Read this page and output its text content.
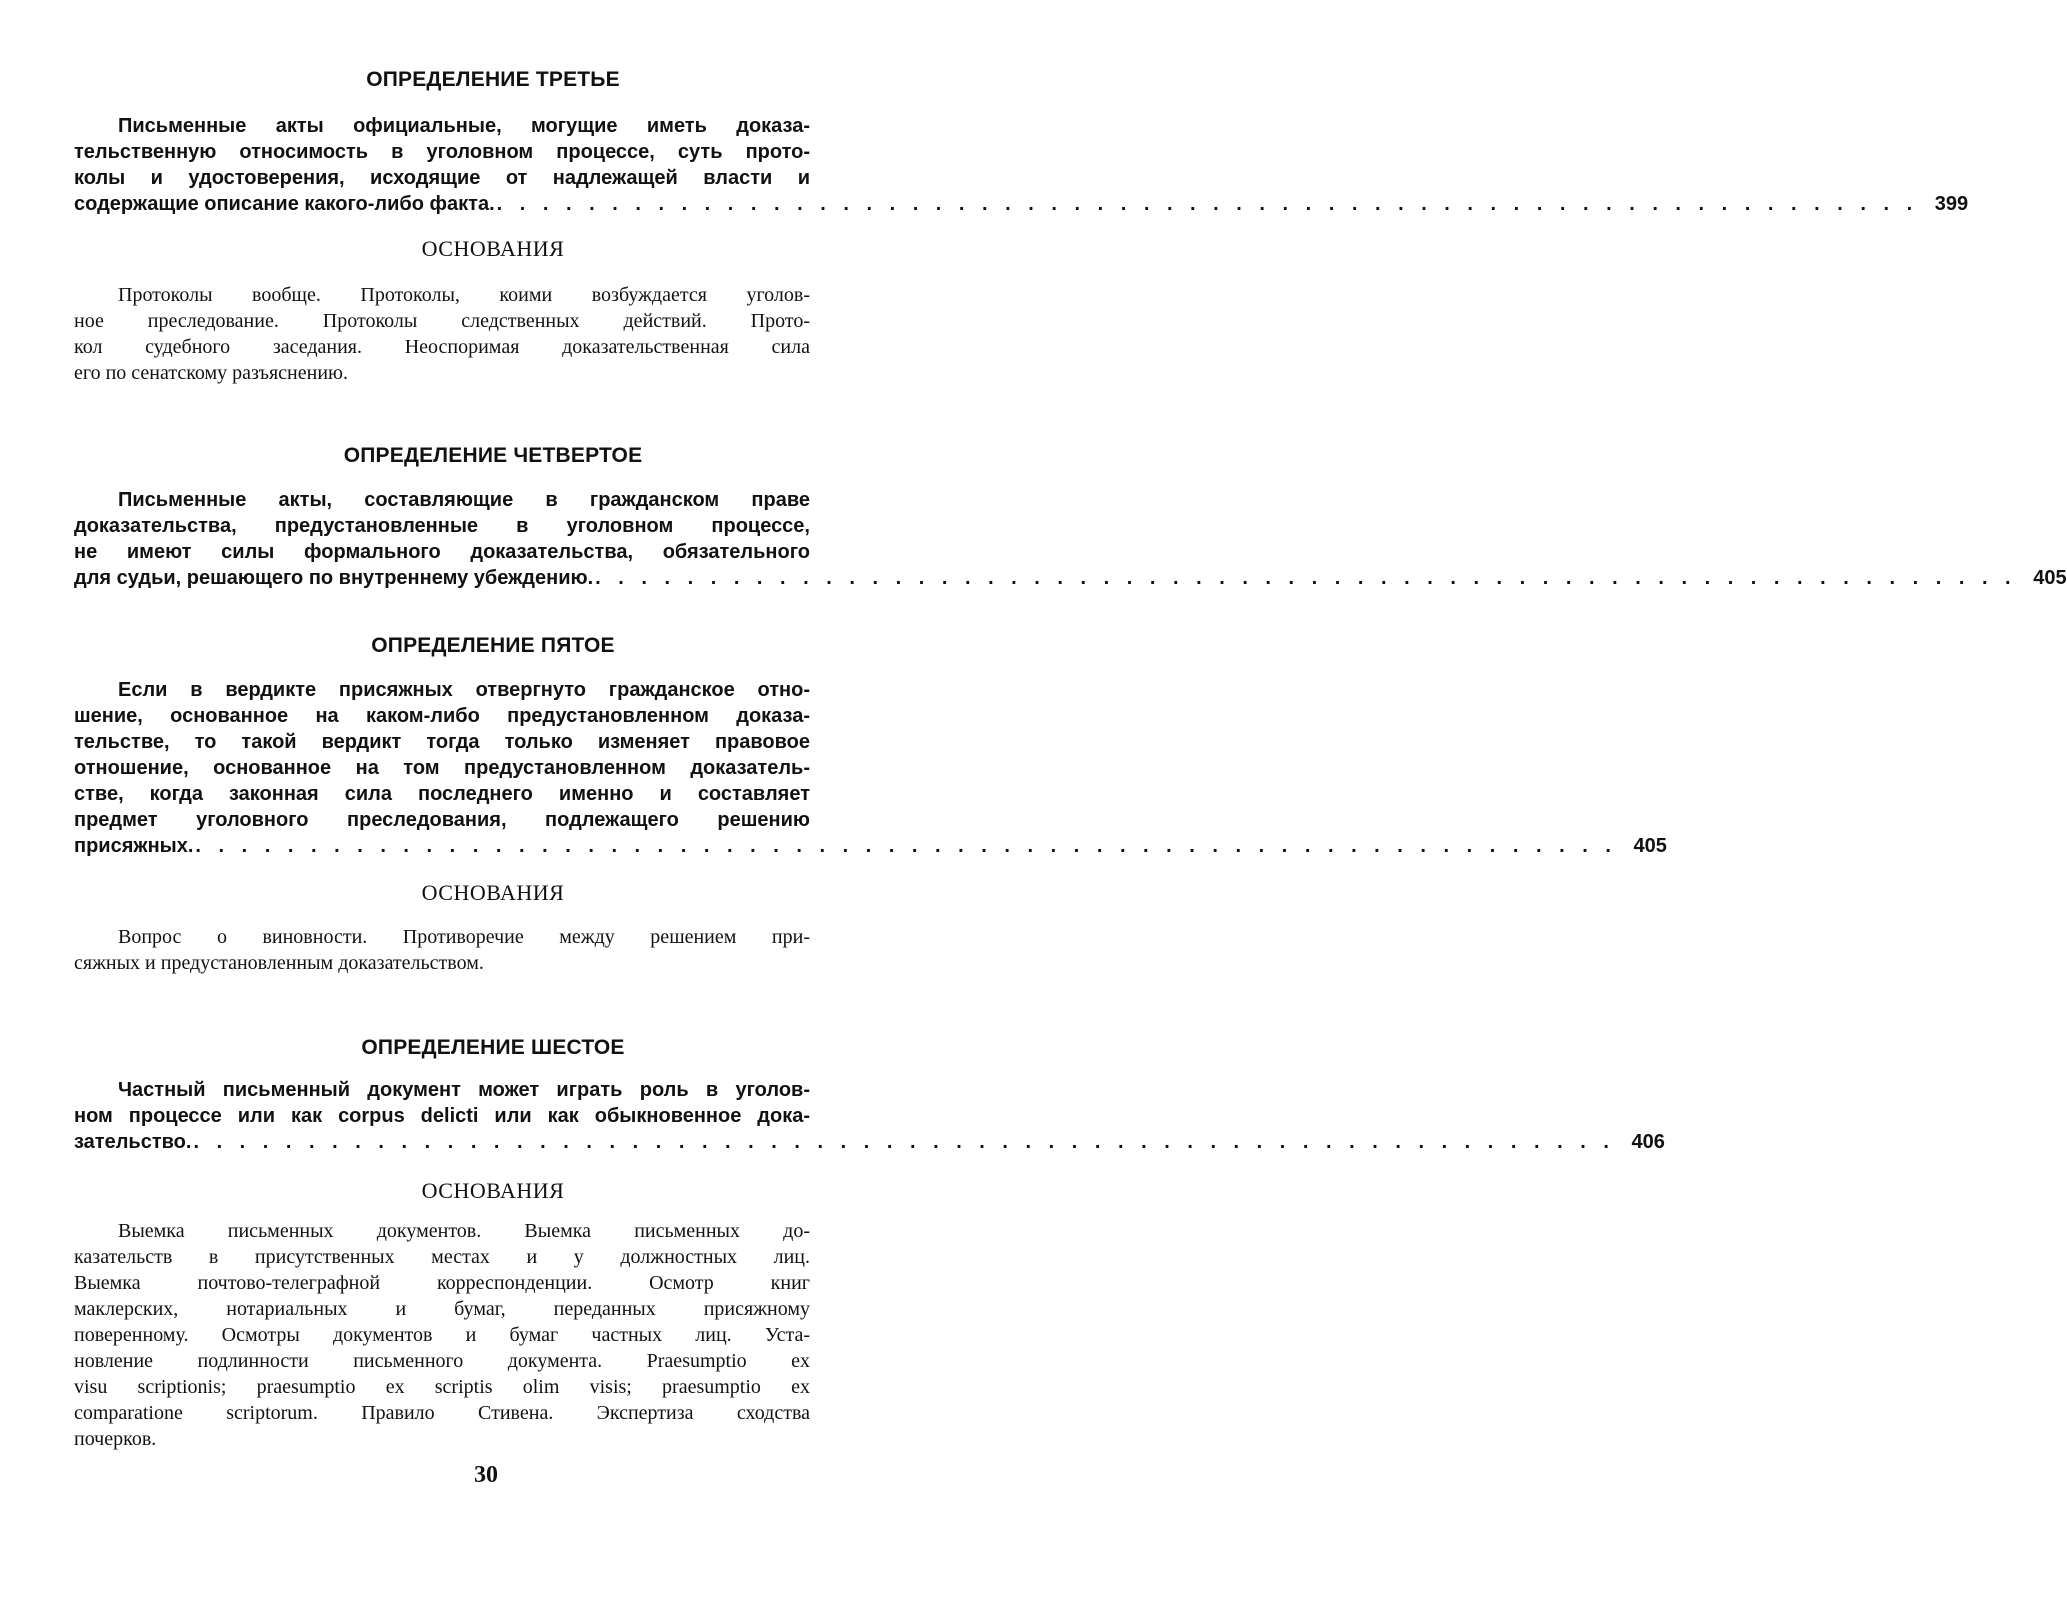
ОПРЕДЕЛЕНИЕ ТРЕТЬЕ
Письменные акты официальные, могущие иметь доказа-
тельственную относимость в уголовном процессе, суть прото-
колы и удостоверения, исходящие от надлежащей власти и
содержащие описание какого-либо факта. . . . . . . . . . . . . . . . . . . . . . . . . . . . . . . . . . . . . . . . . . . . . . . . . . . . . . . . . . . . . . . 399
ОСНОВАНИЯ
Протоколы вообще. Протоколы, коими возбуждается уголов-
ное преследование. Протоколы следственных действий. Прото-
кол судебного заседания. Неоспоримая доказательственная сила
его по сенатскому разъяснению.
ОПРЕДЕЛЕНИЕ ЧЕТВЕРТОЕ
Письменные акты, составляющие в гражданском праве
доказательства, предустановленные в уголовном процессе,
не имеют силы формального доказательства, обязательного
для судьи, решающего по внутреннему убеждению. . . . . . . . . . . . . . . . . . . . . . . . . . . . . . . . . . . . . . . . . . . . . . . . . . . . . . . . . . . . . . . 405
ОПРЕДЕЛЕНИЕ ПЯТОЕ
Если в вердикте присяжных отвергнуто гражданское отно-
шение, основанное на каком-либо предустановленном доказа-
тельстве, то такой вердикт тогда только изменяет правовое
отношение, основанное на том предустановленном доказатель-
стве, когда законная сила последнего именно и составляет
предмет уголовного преследования, подлежащего решению
присяжных. . . . . . . . . . . . . . . . . . . . . . . . . . . . . . . . . . . . . . . . . . . . . . . . . . . . . . . . . . . . . . . 405
ОСНОВАНИЯ
Вопрос о виновности. Противоречие между решением при-
сяжных и предустановленным доказательством.
ОПРЕДЕЛЕНИЕ ШЕСТОЕ
Частный письменный документ может играть роль в уголов-
ном процессе или как corpus delicti или как обыкновенное дока-
зательство. . . . . . . . . . . . . . . . . . . . . . . . . . . . . . . . . . . . . . . . . . . . . . . . . . . . . . . . . . . . . . . 406
ОСНОВАНИЯ
Выемка письменных документов. Выемка письменных до-
казательств в присутственных местах и у должностных лиц.
Выемка почтово-телеграфной корреспонденции. Осмотр книг
маклерских, нотариальных и бумаг, переданных присяжному
поверенному. Осмотры документов и бумаг частных лиц. Уста-
новление подлинности письменного документа. Praesumptio ex
visu scriptionis; praesumptio ex scriptis olim visis; praesumptio ex
comparatione scriptorum. Правило Стивена. Экспертиза сходства
почерков.
30
